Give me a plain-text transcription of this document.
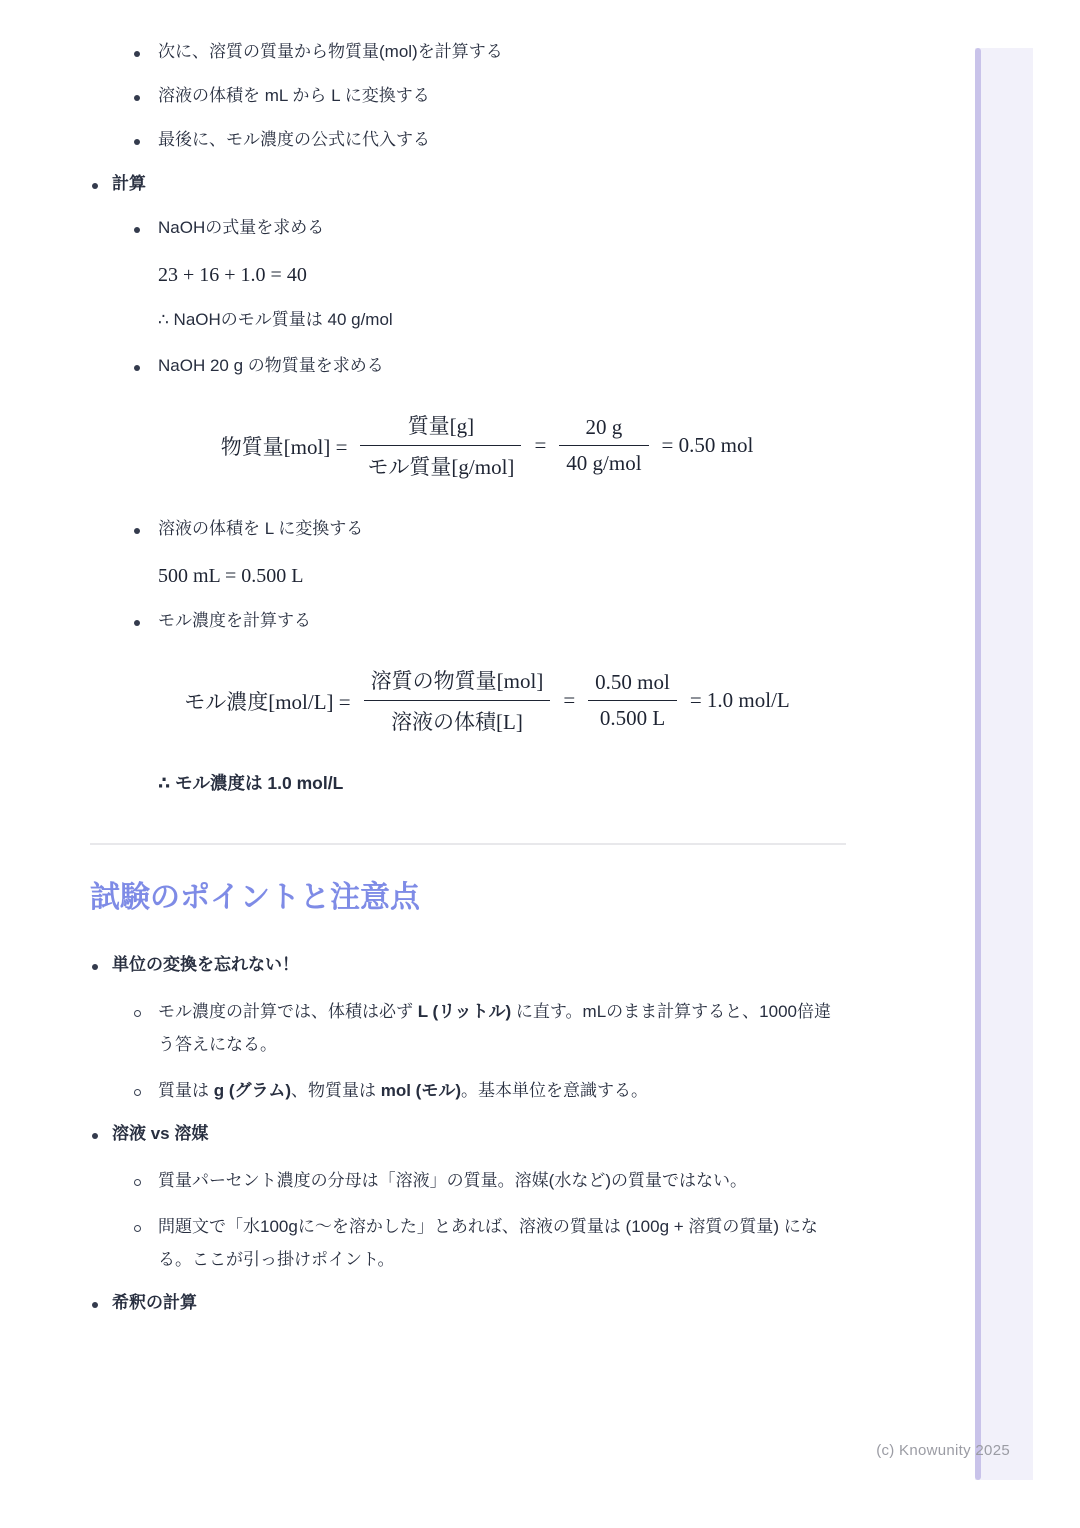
次に、溶質の質量から物質量(mol)を計算する
溶液の体積を mL から L に変換する
最後に、モル濃度の公式に代入する
計算
NaOHの式量を求める
23 + 16 + 1.0 = 40
∴ NaOHのモル質量は 40 g/mol
NaOH 20 g の物質量を求める
物質量$[mol] = \frac{\text{質量[g]}}{\text{モル質量[g/mol]}} = \frac{20 g}{\text{40 g/mol}} = 0.50$ mol
溶液の体積を L に変換する
500 mL = 0.500 L
モル濃度を計算する
モル濃度$[mol/L] = \frac{\text{溶質の物質量[mol]}}{\text{溶液の体積[L]}} = \frac{\text{0.50 mol}}{0.500 L} = 1.0$ mol/L
∴ モル濃度は 1.0 mol/L
試験のポイントと注意点
単位の変換を忘れない！
モル濃度の計算では、体積は必ず L (リットル) に直す。mLのまま計算すると、1000倍違う答えになる。
質量は g (グラム)、物質量は mol (モル)。基本単位を意識する。
溶液 vs 溶媒
質量パーセント濃度の分母は「溶液」の質量。溶媒(水など)の質量ではない。
問題文で「水100gに〜を溶かした」とあれば、溶液の質量は (100g + 溶質の質量) になる。ここが引っ掛けポイント。
希釈の計算
(c) Knowunity 2025
